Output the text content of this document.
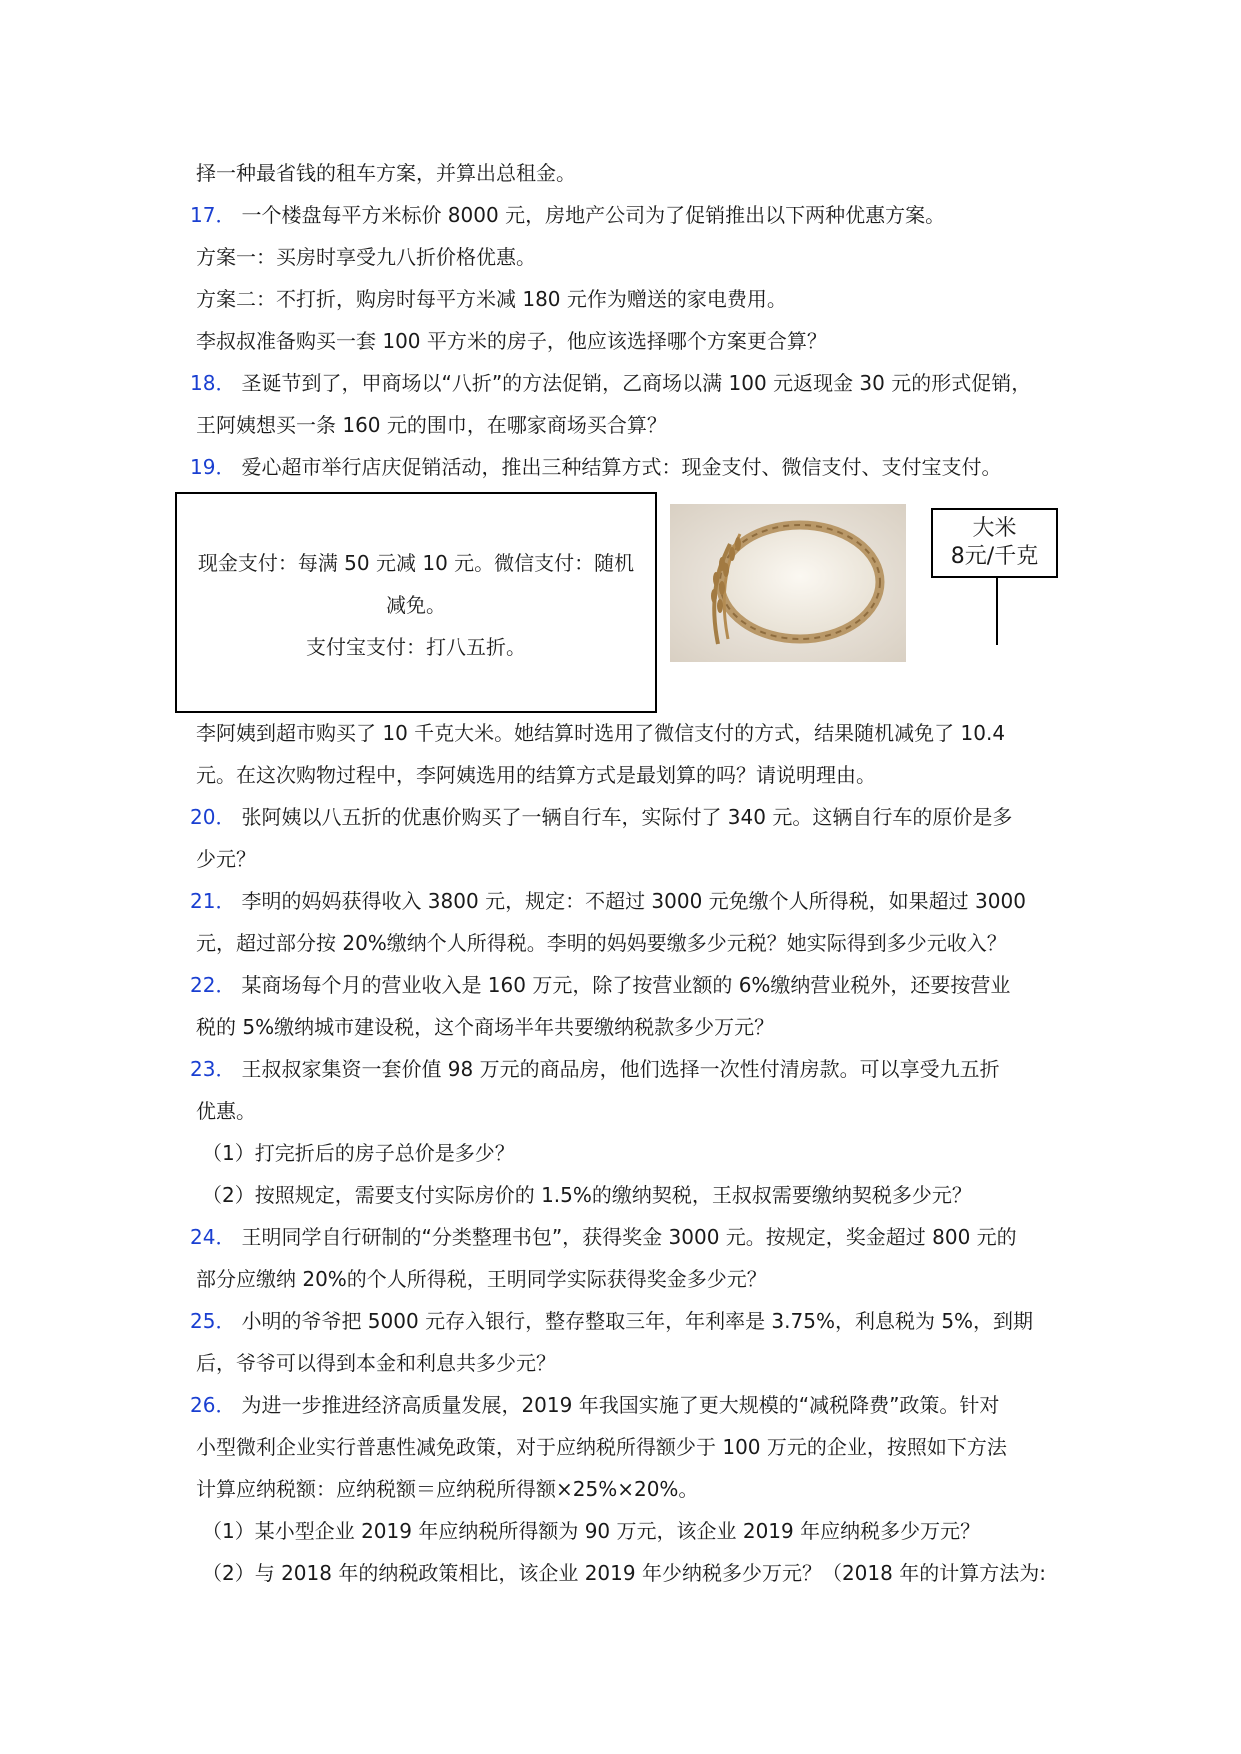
择一种最省钱的租车方案，并算出总租金。
17． 一个楼盘每平方米标价 8000 元，房地产公司为了促销推出以下两种优惠方案。
方案一：买房时享受九八折价格优惠。
方案二：不打折，购房时每平方米减 180 元作为赠送的家电费用。
李叔叔准备购买一套 100 平方米的房子，他应该选择哪个方案更合算？
18． 圣诞节到了，甲商场以“八折”的方法促销，乙商场以满 100 元返现金 30 元的形式促销，
王阿姨想买一条 160 元的围巾，在哪家商场买合算？
19． 爱心超市举行店庆促销活动，推出三种结算方式：现金支付、微信支付、支付宝支付。
现金支付：每满 50 元减 10 元。微信支付：随机
减免。
支付宝支付：打八五折。
大米
8元/千克
李阿姨到超市购买了 10 千克大米。她结算时选用了微信支付的方式，结果随机减免了 10.4
元。在这次购物过程中，李阿姨选用的结算方式是最划算的吗？请说明理由。
20． 张阿姨以八五折的优惠价购买了一辆自行车，实际付了 340 元。这辆自行车的原价是多
少元？
21． 李明的妈妈获得收入 3800 元，规定：不超过 3000 元免缴个人所得税，如果超过 3000
元，超过部分按 20%缴纳个人所得税。李明的妈妈要缴多少元税？她实际得到多少元收入？
22． 某商场每个月的营业收入是 160 万元，除了按营业额的 6%缴纳营业税外，还要按营业
税的 5%缴纳城市建设税，这个商场半年共要缴纳税款多少万元？
23． 王叔叔家集资一套价值 98 万元的商品房，他们选择一次性付清房款。可以享受九五折
优惠。
（1）打完折后的房子总价是多少？
（2）按照规定，需要支付实际房价的 1.5%的缴纳契税，王叔叔需要缴纳契税多少元？
24． 王明同学自行研制的“分类整理书包”，获得奖金 3000 元。按规定，奖金超过 800 元的
部分应缴纳 20%的个人所得税，王明同学实际获得奖金多少元？
25． 小明的爷爷把 5000 元存入银行，整存整取三年，年利率是 3.75%，利息税为 5%，到期
后，爷爷可以得到本金和利息共多少元？
26． 为进一步推进经济高质量发展，2019 年我国实施了更大规模的“减税降费”政策。针对
小型微利企业实行普惠性减免政策，对于应纳税所得额少于 100 万元的企业，按照如下方法
计算应纳税额：应纳税额＝应纳税所得额×25%×20%。
（1）某小型企业 2019 年应纳税所得额为 90 万元，该企业 2019 年应纳税多少万元？
（2）与 2018 年的纳税政策相比，该企业 2019 年少纳税多少万元？（2018 年的计算方法为:
